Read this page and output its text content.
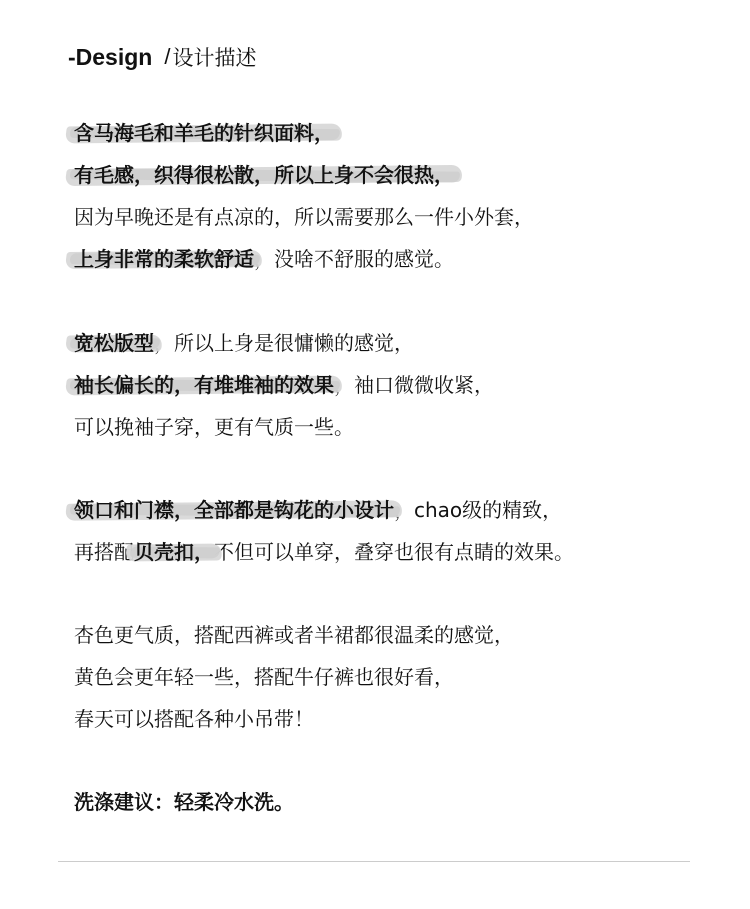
-Design / 设计描述
含马海毛和羊毛的针织面料，
有毛感，织得很松散，所以上身不会很热，
因为早晚还是有点凉的，所以需要那么一件小外套，
上身非常的柔软舒适，没啥不舒服的感觉。
宽松版型，所以上身是很慵懒的感觉，
袖长偏长的，有堆堆袖的效果，袖口微微收紧，
可以挽袖子穿，更有气质一些。
领口和门襟，全部都是钩花的小设计，chao级的精致，
再搭配贝壳扣，不但可以单穿，叠穿也很有点睛的效果。
杏色更气质，搭配西裤或者半裙都很温柔的感觉，
黄色会更年轻一些，搭配牛仔裤也很好看，
春天可以搭配各种小吊带！
洗涤建议：轻柔冷水洗。
